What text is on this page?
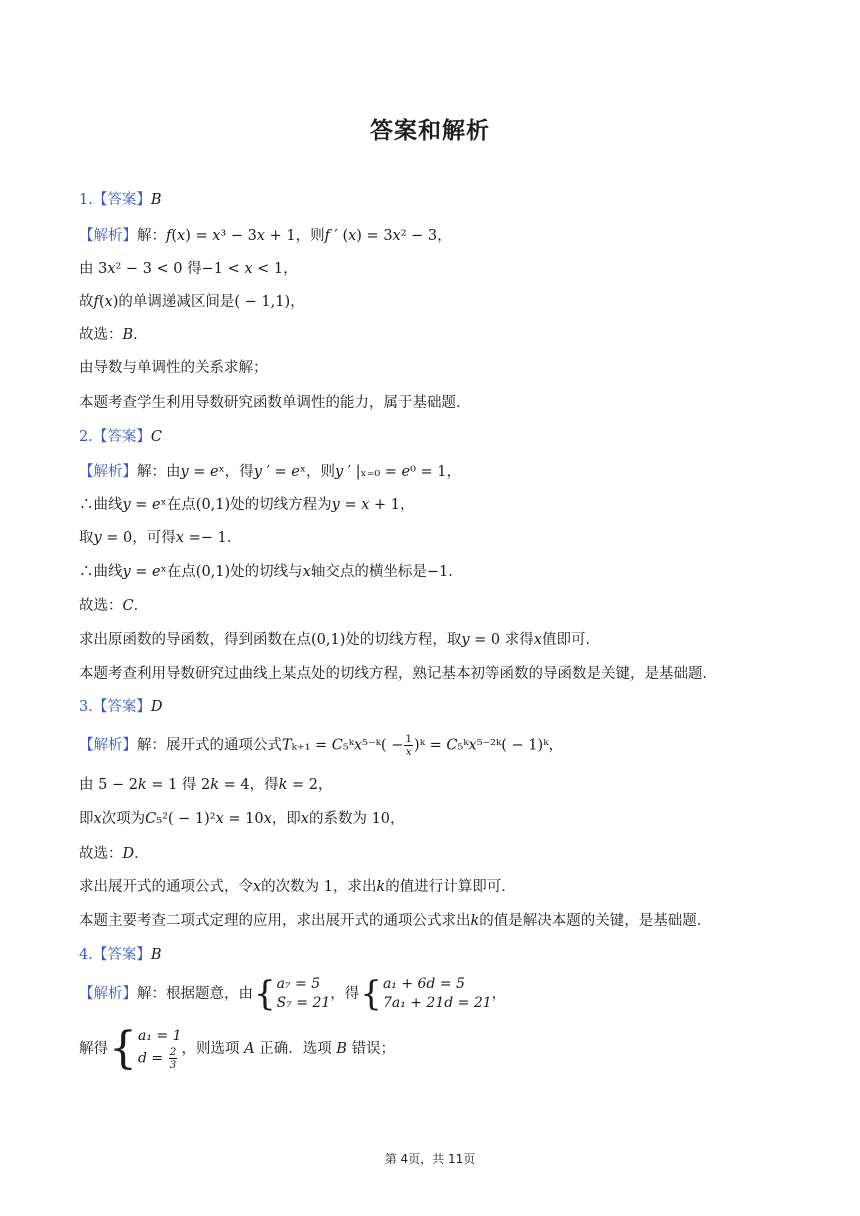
答案和解析
1.【答案】B
【解析】解：𝑓(𝑥) = 𝑥³ − 3𝑥 + 1，则𝑓 ′ (𝑥) = 3𝑥² − 3，
由 3𝑥² − 3 < 0 得−1 < 𝑥 < 1，
故𝑓(𝑥)的单调递减区间是( − 1,1)，
故选：𝐵．
由导数与单调性的关系求解；
本题考查学生利用导数研究函数单调性的能力，属于基础题．
2.【答案】C
【解析】解：由𝑦 = 𝑒ˣ，得𝑦 ′ = 𝑒ˣ，则𝑦 ′ |ₓ₌₀ = 𝑒⁰ = 1，
∴曲线𝑦 = 𝑒ˣ在点(0,1)处的切线方程为𝑦 = 𝑥 + 1，
取𝑦 = 0，可得𝑥 =− 1．
∴曲线𝑦 = 𝑒ˣ在点(0,1)处的切线与𝑥轴交点的横坐标是−1．
故选：𝐶．
求出原函数的导函数，得到函数在点(0,1)处的切线方程，取𝑦 = 0 求得𝑥值即可．
本题考查利用导数研究过曲线上某点处的切线方程，熟记基本初等函数的导函数是关键，是基础题．
3.【答案】D
【解析】解：展开式的通项公式𝑇ₖ₊₁ = 𝐶₅ᵏ𝑥⁵⁻ᵏ( − $\frac{1}{\text{𝑥}}$ )ᵏ = 𝐶₅ᵏ𝑥⁵⁻²ᵏ( − 1)ᵏ，
由 5 − 2𝑘 = 1 得 2𝑘 = 4，得𝑘 = 2，
即𝑥次项为𝐶₅²( − 1)²𝑥 = 10𝑥，即𝑥的系数为 10，
故选：𝐷．
求出展开式的通项公式，令𝑥的次数为 1，求出𝑘的值进行计算即可．
本题主要考查二项式定理的应用，求出展开式的通项公式求出𝑘的值是解决本题的关键，是基础题．
4.【答案】B
【解析】解：根据题意，由{𝑎₇ = 5
𝑆₇ = 21，得{𝑎₁ + 6𝑑 = 5
7𝑎₁ + 21𝑑 = 21，
解得{𝑎₁ = 1
𝑑 = $\frac{2}{3}$ ，则选项 𝐴 正确．选项 𝐵 错误；
第 4页，共 11页
